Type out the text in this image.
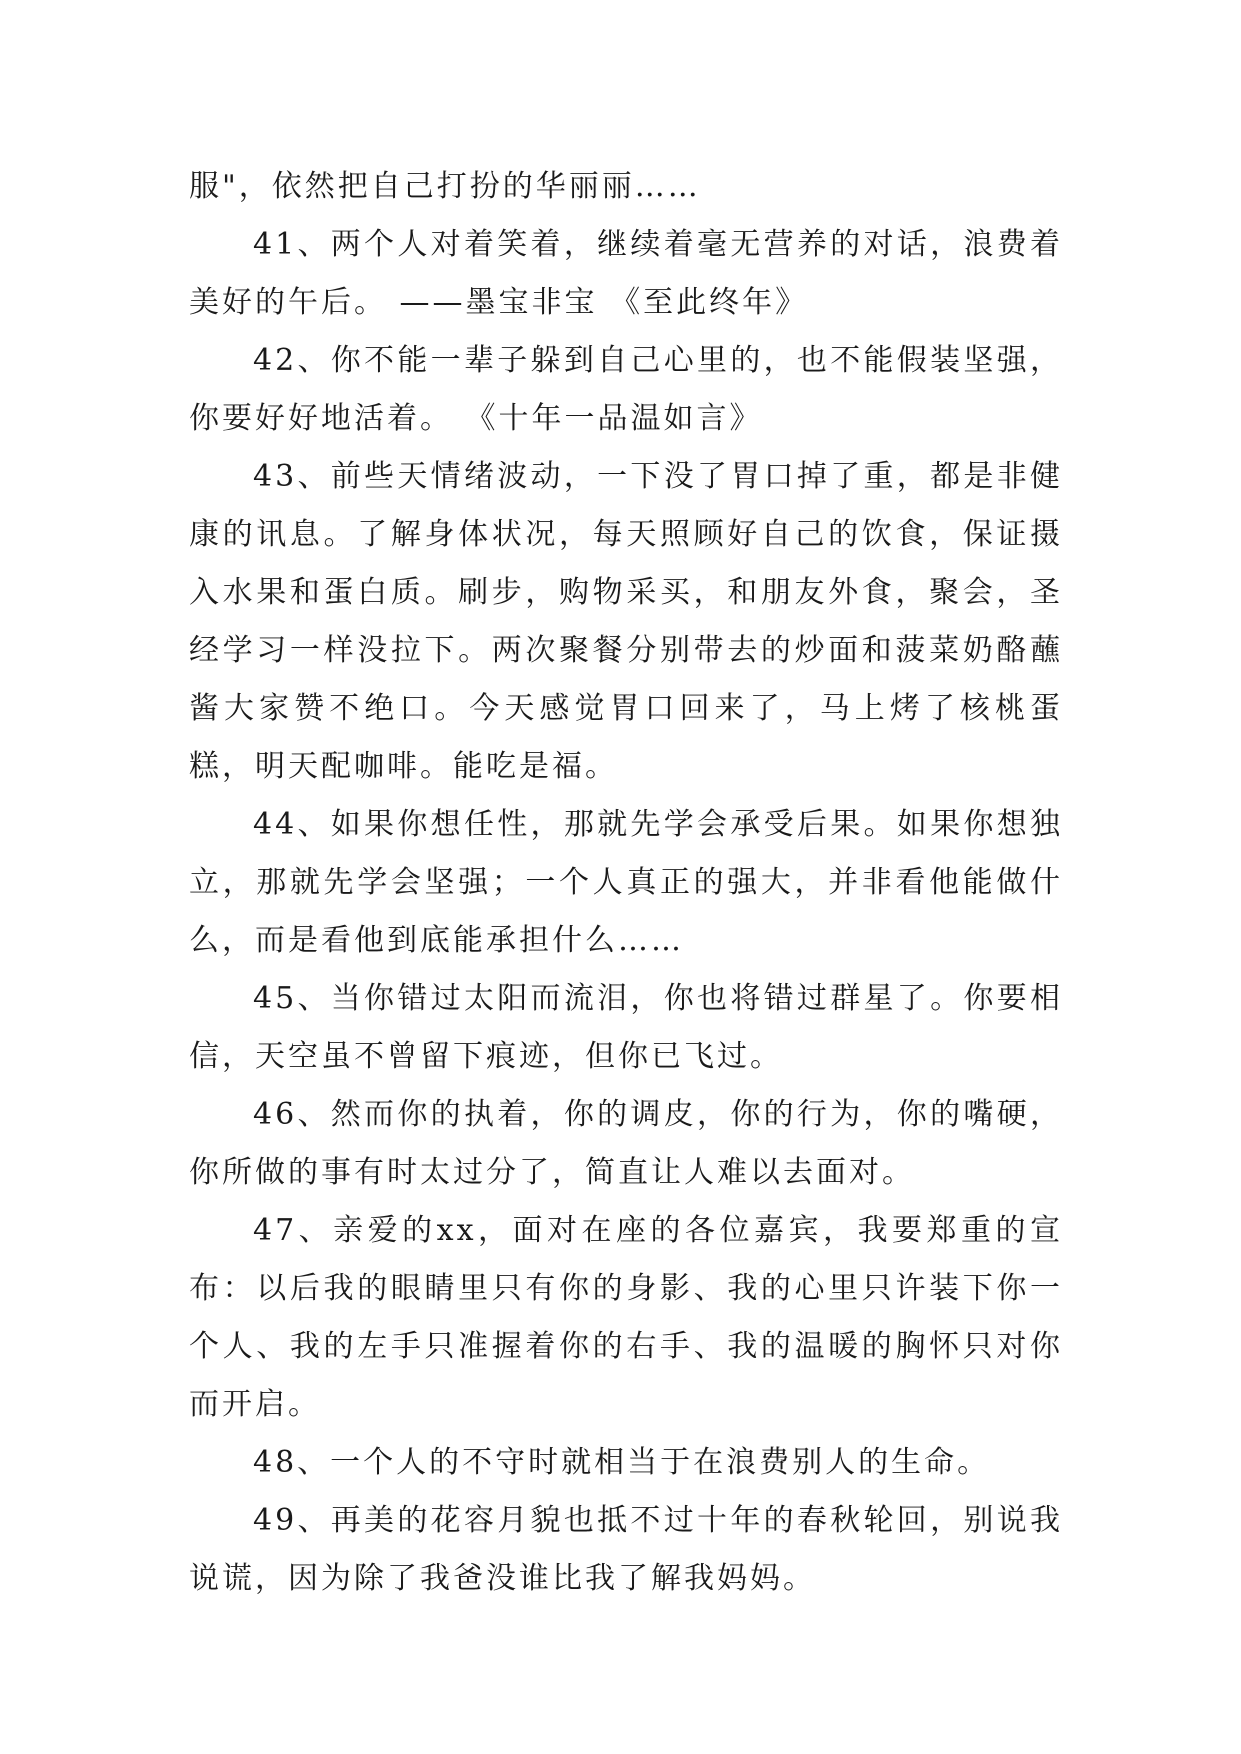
服"，依然把自己打扮的华丽丽……

41、两个人对着笑着，继续着毫无营养的对话，浪费着美好的午后。 ——墨宝非宝 《至此终年》

42、你不能一辈子躲到自己心里的，也不能假装坚强，你要好好地活着。 《十年一品温如言》

43、前些天情绪波动，一下没了胃口掉了重，都是非健康的讯息。了解身体状况，每天照顾好自己的饮食，保证摄入水果和蛋白质。刷步，购物采买，和朋友外食，聚会，圣经学习一样没拉下。两次聚餐分别带去的炒面和菠菜奶酪蘸酱大家赞不绝口。今天感觉胃口回来了，马上烤了核桃蛋糕，明天配咖啡。能吃是福。

44、如果你想任性，那就先学会承受后果。如果你想独立，那就先学会坚强；一个人真正的强大，并非看他能做什么，而是看他到底能承担什么……

45、当你错过太阳而流泪，你也将错过群星了。你要相信，天空虽不曾留下痕迹，但你已飞过。

46、然而你的执着，你的调皮，你的行为，你的嘴硬，你所做的事有时太过分了，简直让人难以去面对。

47、亲爱的xx，面对在座的各位嘉宾，我要郑重的宣布：以后我的眼睛里只有你的身影、我的心里只许装下你一个人、我的左手只准握着你的右手、我的温暖的胸怀只对你而开启。

48、一个人的不守时就相当于在浪费别人的生命。

49、再美的花容月貌也抵不过十年的春秋轮回，别说我说谎，因为除了我爸没谁比我了解我妈妈。
